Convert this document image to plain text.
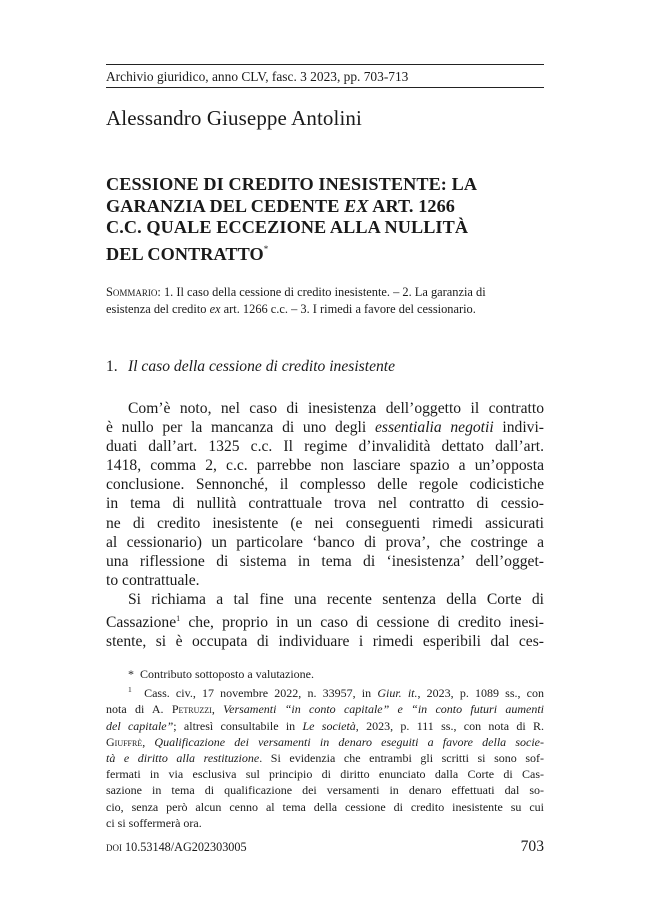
Archivio giuridico, anno CLV, fasc. 3 2023, pp. 703-713
Alessandro Giuseppe Antolini
CESSIONE DI CREDITO INESISTENTE: LA
GARANZIA DEL CEDENTE EX ART. 1266
C.C. QUALE ECCEZIONE ALLA NULLITÀ
DEL CONTRATTO*
Sommario: 1. Il caso della cessione di credito inesistente. – 2. La garanzia di
esistenza del credito ex art. 1266 c.c. – 3. I rimedi a favore del cessionario.
1. Il caso della cessione di credito inesistente
Com’è noto, nel caso di inesistenza dell’oggetto il contratto
è nullo per la mancanza di uno degli essentialia negotii indivi-
duati dall’art. 1325 c.c. Il regime d’invalidità dettato dall’art.
1418, comma 2, c.c. parrebbe non lasciare spazio a un’opposta
conclusione. Sennonché, il complesso delle regole codicistiche
in tema di nullità contrattuale trova nel contratto di cessio-
ne di credito inesistente (e nei conseguenti rimedi assicurati
al cessionario) un particolare ‘banco di prova’, che costringe a
una riflessione di sistema in tema di ‘inesistenza’ dell’ogget-
to contrattuale.
Si richiama a tal fine una recente sentenza della Corte di
Cassazione$^1$ che, proprio in un caso di cessione di credito inesi-
stente, si è occupata di individuare i rimedi esperibili dal ces-
* Contributo sottoposto a valutazione.
$^1$ Cass. civ., 17 novembre 2022, n. 33957, in Giur. it., 2023, p. 1089 ss., con
nota di A. Petruzzi, Versamenti “in conto capitale” e “in conto futuri aumenti
del capitale”; altresì consultabile in Le società, 2023, p. 111 ss., con nota di R.
Giuffrè, Qualificazione dei versamenti in denaro eseguiti a favore della socie-
tà e diritto alla restituzione. Si evidenzia che entrambi gli scritti si sono sof-
fermati in via esclusiva sul principio di diritto enunciato dalla Corte di Cas-
sazione in tema di qualificazione dei versamenti in denaro effettuati dal so-
cio, senza però alcun cenno al tema della cessione di credito inesistente su cui
ci si soffermerà ora.
doi 10.53148/AG202303005	703
